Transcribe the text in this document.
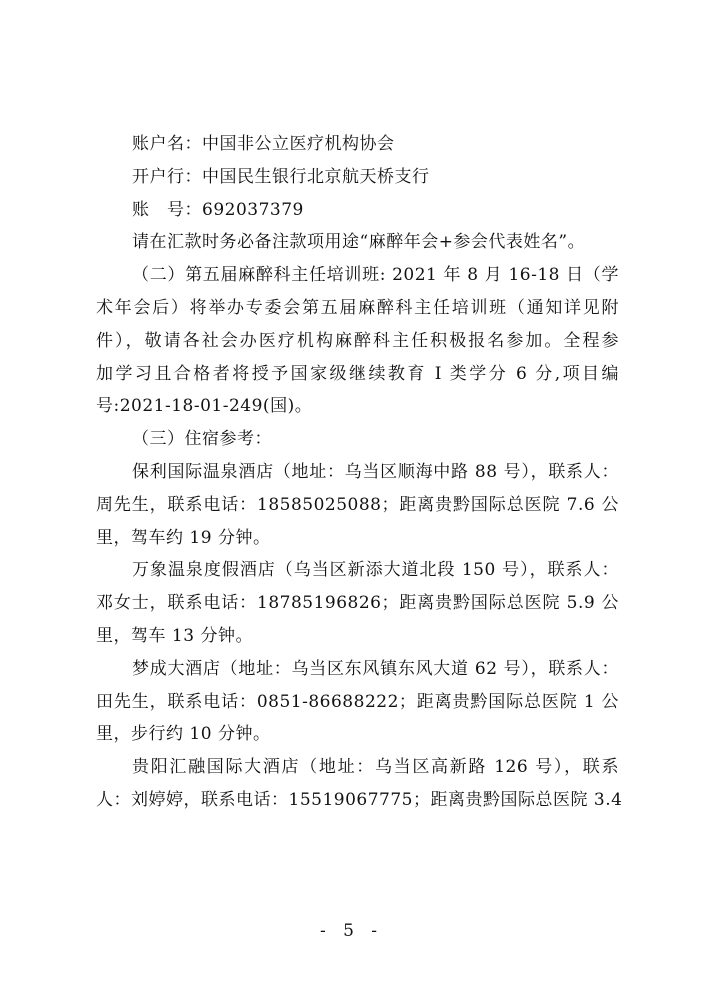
账户名：中国非公立医疗机构协会
开户行：中国民生银行北京航天桥支行
账　号：692037379
请在汇款时务必备注款项用途“麻醉年会+参会代表姓名”。
（二）第五届麻醉科主任培训班: 2021 年 8 月 16-18 日（学
术年会后）将举办专委会第五届麻醉科主任培训班（通知详见附
件），敬请各社会办医疗机构麻醉科主任积极报名参加。全程参
加学习且合格者将授予国家级继续教育 I 类学分 6 分,项目编
号:2021-18-01-249(国)。
（三）住宿参考：
保利国际温泉酒店（地址：乌当区顺海中路 88 号），联系人：
周先生，联系电话：18585025088；距离贵黔国际总医院 7.6 公
里，驾车约 19 分钟。
万象温泉度假酒店（乌当区新添大道北段 150 号），联系人：
邓女士，联系电话：18785196826；距离贵黔国际总医院 5.9 公
里，驾车 13 分钟。
梦成大酒店（地址：乌当区东风镇东风大道 62 号），联系人：
田先生，联系电话：0851-86688222；距离贵黔国际总医院 1 公
里，步行约 10 分钟。
贵阳汇融国际大酒店（地址：乌当区高新路 126 号），联系
人：刘婷婷，联系电话：15519067775；距离贵黔国际总医院 3.4
- 5 -
